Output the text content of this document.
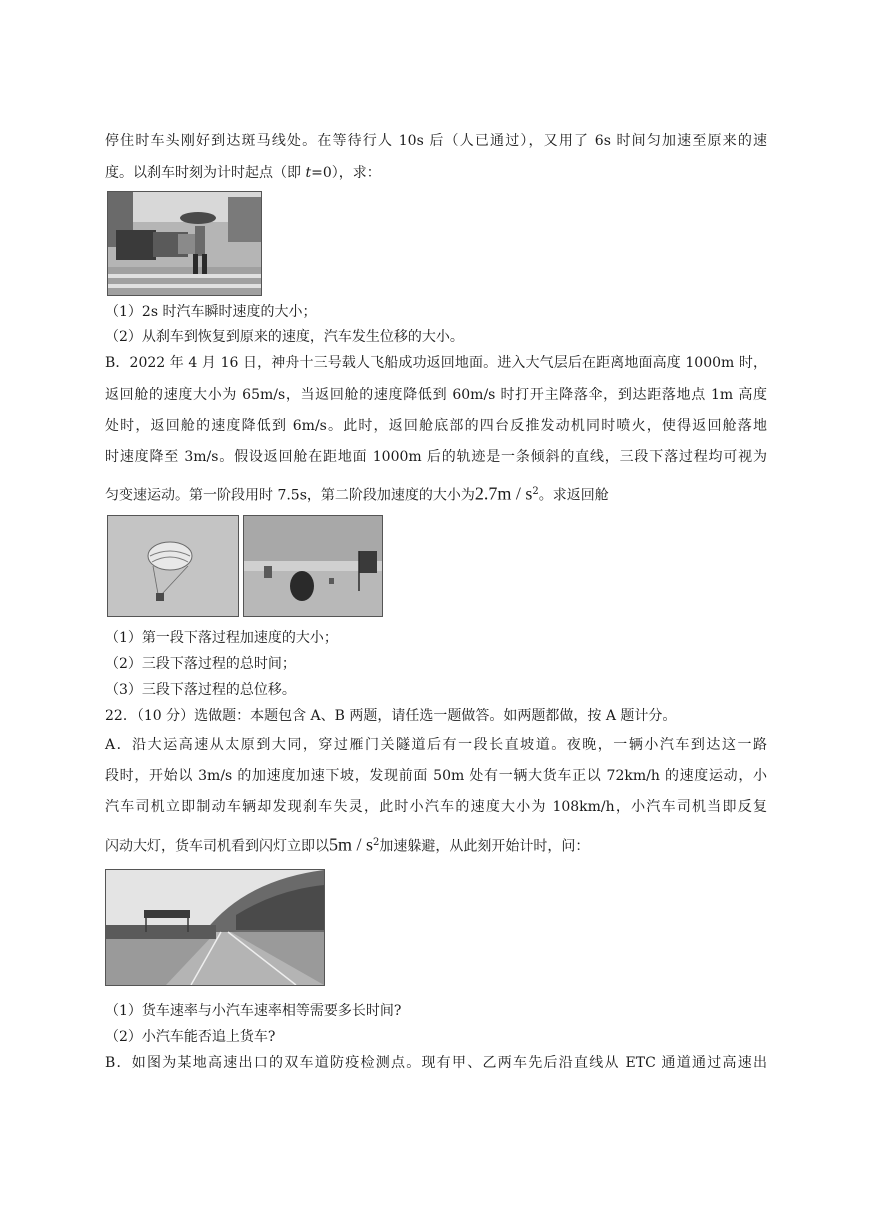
停住时车头刚好到达斑马线处。在等待行人 10s 后（人已通过），又用了 6s 时间匀加速至原来的速
度。以刹车时刻为计时起点（即 t=0），求：
（1）2s 时汽车瞬时速度的大小；
（2）从刹车到恢复到原来的速度，汽车发生位移的大小。
B．2022 年 4 月 16 日，神舟十三号载人飞船成功返回地面。进入大气层后在距离地面高度 1000m 时，
返回舱的速度大小为 65m/s，当返回舱的速度降低到 60m/s 时打开主降落伞，到达距落地点 1m 高度
处时，返回舱的速度降低到 6m/s。此时，返回舱底部的四台反推发动机同时喷火，使得返回舱落地
时速度降至 3m/s。假设返回舱在距地面 1000m 后的轨迹是一条倾斜的直线，三段下落过程均可视为
匀变速运动。第一阶段用时 7.5s，第二阶段加速度的大小为$2.7m / s^2$。求返回舱
（1）第一段下落过程加速度的大小；
（2）三段下落过程的总时间；
（3）三段下落过程的总位移。
22．（10 分）选做题：本题包含 A、B 两题，请任选一题做答。如两题都做，按 A 题计分。
A．沿大运高速从太原到大同，穿过雁门关隧道后有一段长直坡道。夜晚，一辆小汽车到达这一路
段时，开始以 3m/s 的加速度加速下坡，发现前面 50m 处有一辆大货车正以 72km/h 的速度运动，小
汽车司机立即制动车辆却发现刹车失灵，此时小汽车的速度大小为 108km/h，小汽车司机当即反复
闪动大灯，货车司机看到闪灯立即以$5m / s^2$加速躲避，从此刻开始计时，问：
（1）货车速率与小汽车速率相等需要多长时间?
（2）小汽车能否追上货车?
B．如图为某地高速出口的双车道防疫检测点。现有甲、乙两车先后沿直线从 ETC 通道通过高速出
